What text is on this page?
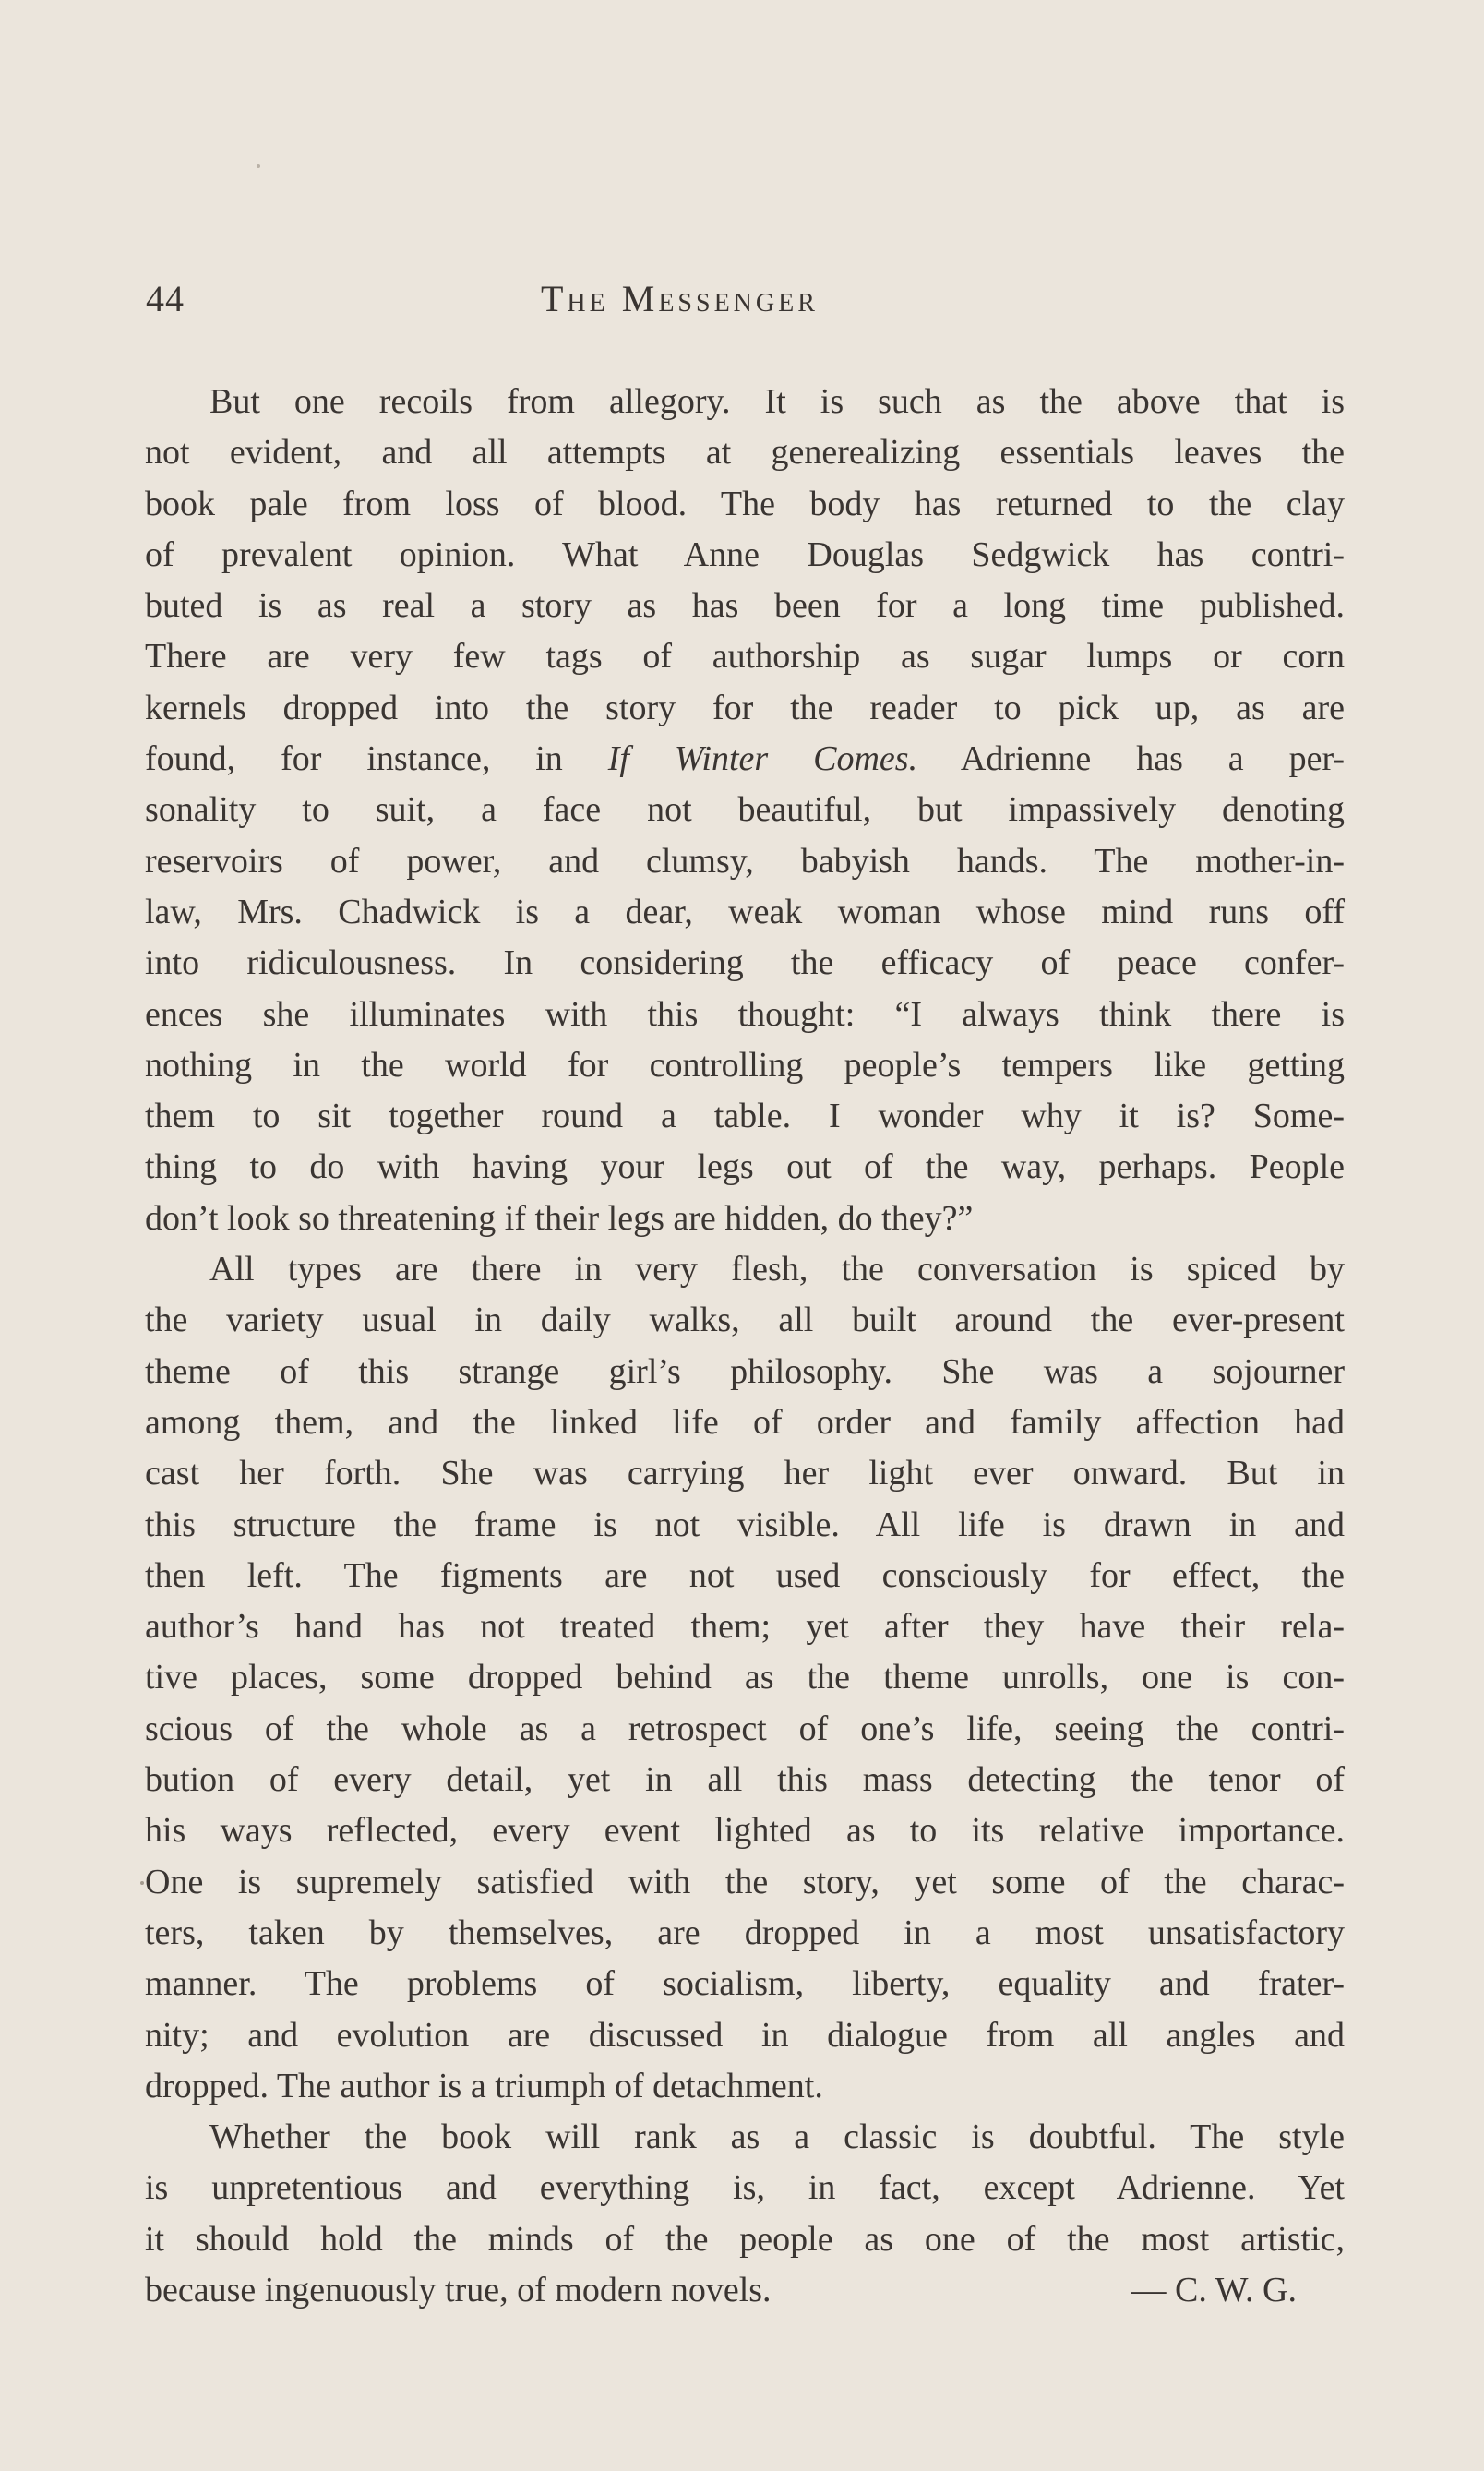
44	The Messenger
But one recoils from allegory. It is such as the above that is
not evident, and all attempts at generealizing essentials leaves the
book pale from loss of blood. The body has returned to the clay
of prevalent opinion. What Anne Douglas Sedgwick has contri-
buted is as real a story as has been for a long time published.
There are very few tags of authorship as sugar lumps or corn
kernels dropped into the story for the reader to pick up, as are
found, for instance, in If Winter Comes. Adrienne has a per-
sonality to suit, a face not beautiful, but impassively denoting
reservoirs of power, and clumsy, babyish hands. The mother-in-
law, Mrs. Chadwick is a dear, weak woman whose mind runs off
into ridiculousness. In considering the efficacy of peace confer-
ences she illuminates with this thought: “I always think there is
nothing in the world for controlling people’s tempers like getting
them to sit together round a table. I wonder why it is? Some-
thing to do with having your legs out of the way, perhaps. People
don’t look so threatening if their legs are hidden, do they?”
All types are there in very flesh, the conversation is spiced by
the variety usual in daily walks, all built around the ever-present
theme of this strange girl’s philosophy. She was a sojourner
among them, and the linked life of order and family affection had
cast her forth. She was carrying her light ever onward. But in
this structure the frame is not visible. All life is drawn in and
then left. The figments are not used consciously for effect, the
author’s hand has not treated them; yet after they have their rela-
tive places, some dropped behind as the theme unrolls, one is con-
scious of the whole as a retrospect of one’s life, seeing the contri-
bution of every detail, yet in all this mass detecting the tenor of
his ways reflected, every event lighted as to its relative importance.
One is supremely satisfied with the story, yet some of the charac-
ters, taken by themselves, are dropped in a most unsatisfactory
manner. The problems of socialism, liberty, equality and frater-
nity; and evolution are discussed in dialogue from all angles and
dropped. The author is a triumph of detachment.
Whether the book will rank as a classic is doubtful. The style
is unpretentious and everything is, in fact, except Adrienne. Yet
it should hold the minds of the people as one of the most artistic,
because ingenuously true, of modern novels.	— C. W. G.
